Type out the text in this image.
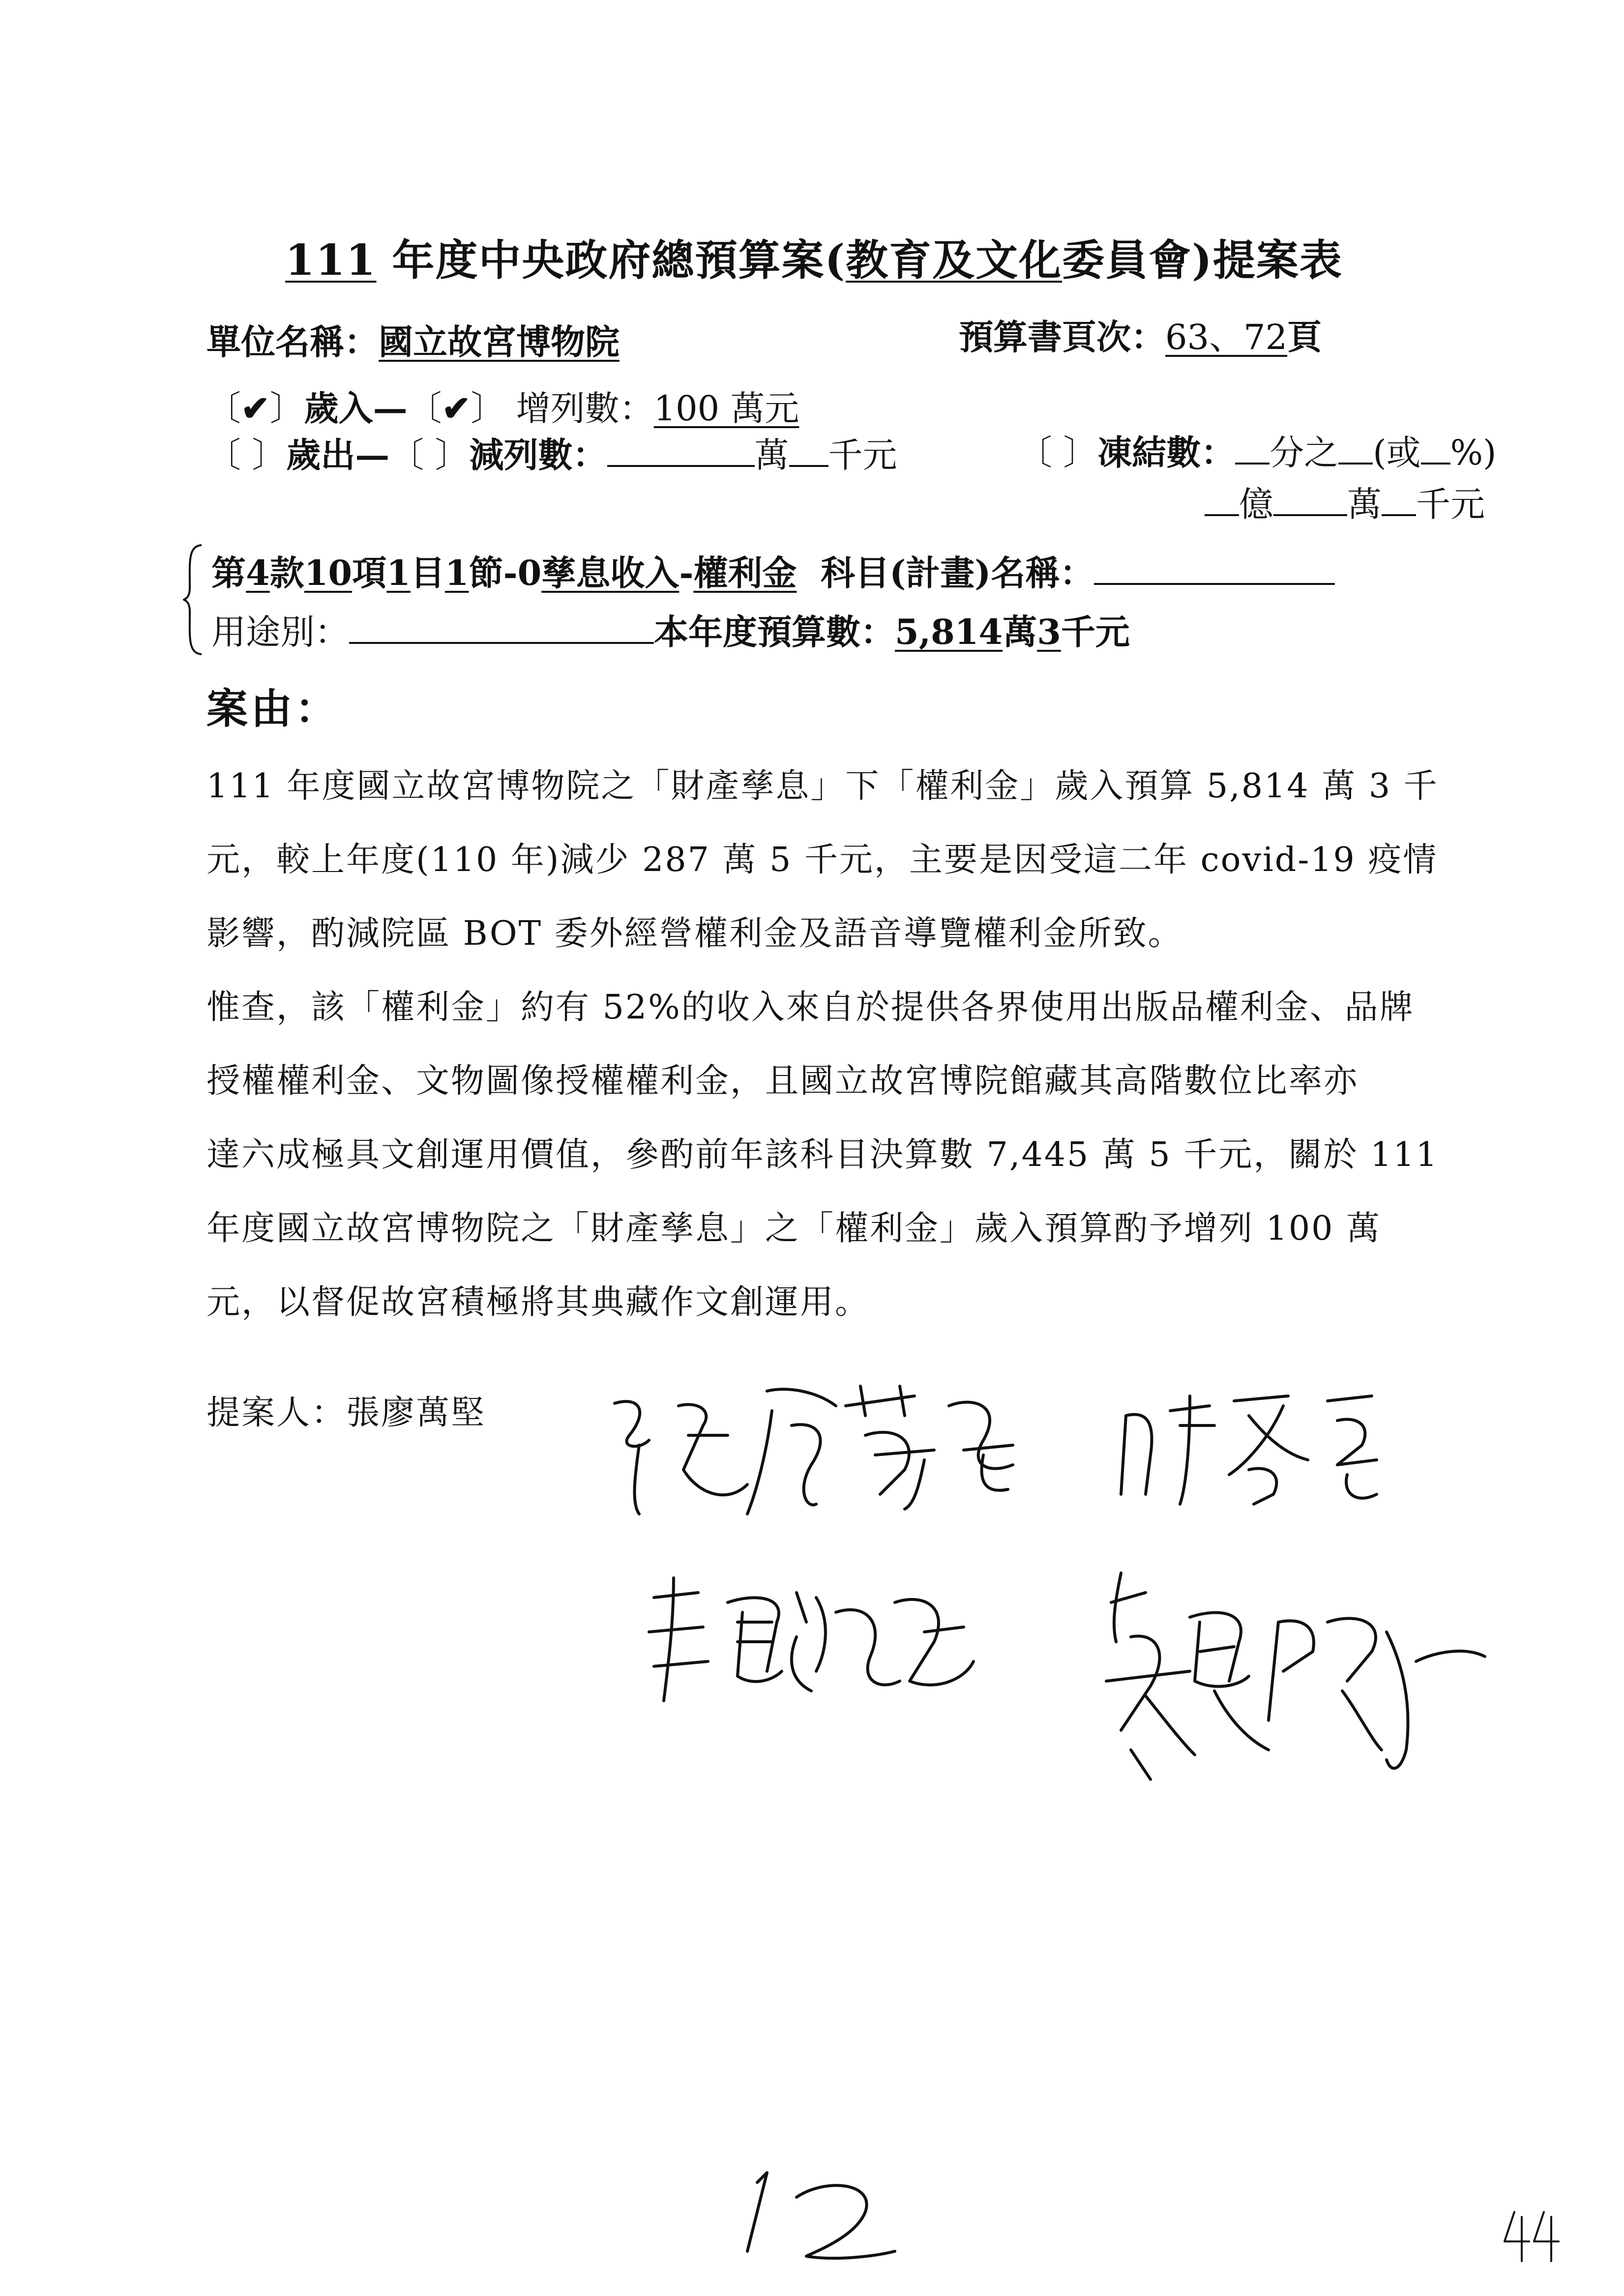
111 年度中央政府總預算案(教育及文化委員會)提案表
單位名稱：國立故宮博物院	預算書頁次：63、72頁
〔✔〕歲入—〔✔〕 增列數：100 萬元
〔 〕歲出—〔 〕減列數：	萬 千元	〔 〕凍結數： 分之 (或 %)
億 萬 千元
第4款10項1目1節-0孳息收入-權利金 科目(計畫)名稱：
用途別：	本年度預算數：5,814萬3千元
案由：
111 年度國立故宮博物院之「財產孳息」下「權利金」歲入預算 5,814 萬 3 千
元，較上年度(110 年)減少 287 萬 5 千元，主要是因受這二年 covid-19 疫情
影響，酌減院區 BOT 委外經營權利金及語音導覽權利金所致。
惟查，該「權利金」約有 52%的收入來自於提供各界使用出版品權利金、品牌
授權權利金、文物圖像授權權利金，且國立故宮博院館藏其高階數位比率亦
達六成極具文創運用價值，參酌前年該科目決算數 7,445 萬 5 千元，關於 111
年度國立故宮博物院之「財產孳息」之「權利金」歲入預算酌予增列 100 萬
元，以督促故宮積極將其典藏作文創運用。
提案人：張廖萬堅
